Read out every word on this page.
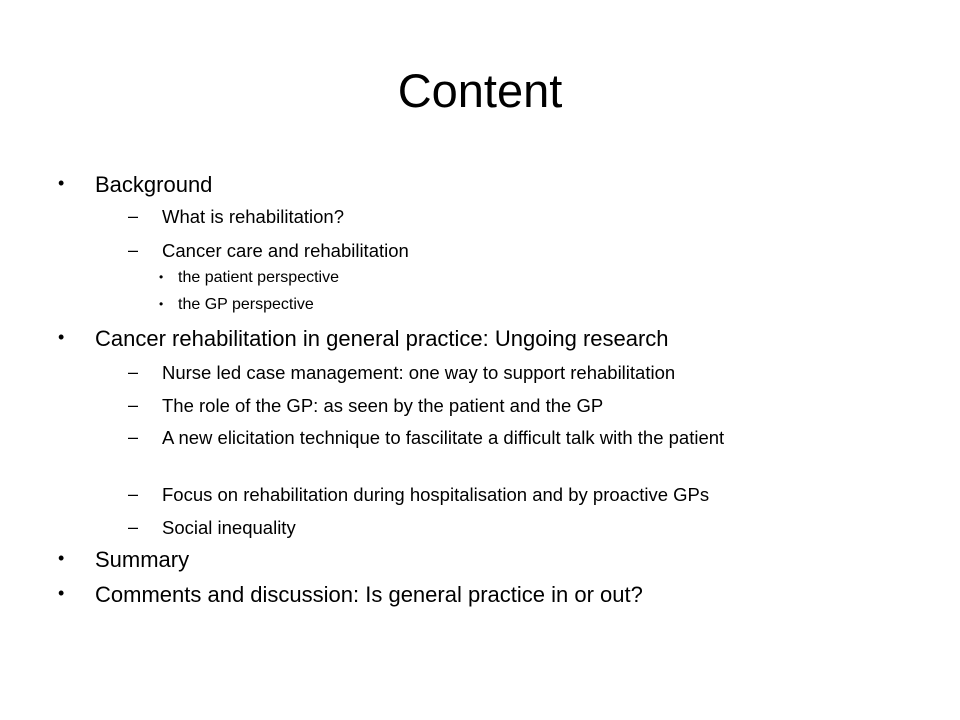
Content
• Background
– What is rehabilitation?
– Cancer care and rehabilitation
• the patient perspective
• the GP perspective
• Cancer rehabilitation in general practice: Ungoing research
– Nurse led case management: one way to support rehabilitation
– The role of the GP: as seen by the patient and the GP
– A new elicitation technique to fascilitate a difficult talk with the patient
– Focus on rehabilitation during hospitalisation and by proactive GPs
– Social inequality
• Summary
• Comments and discussion: Is general practice in or out?
